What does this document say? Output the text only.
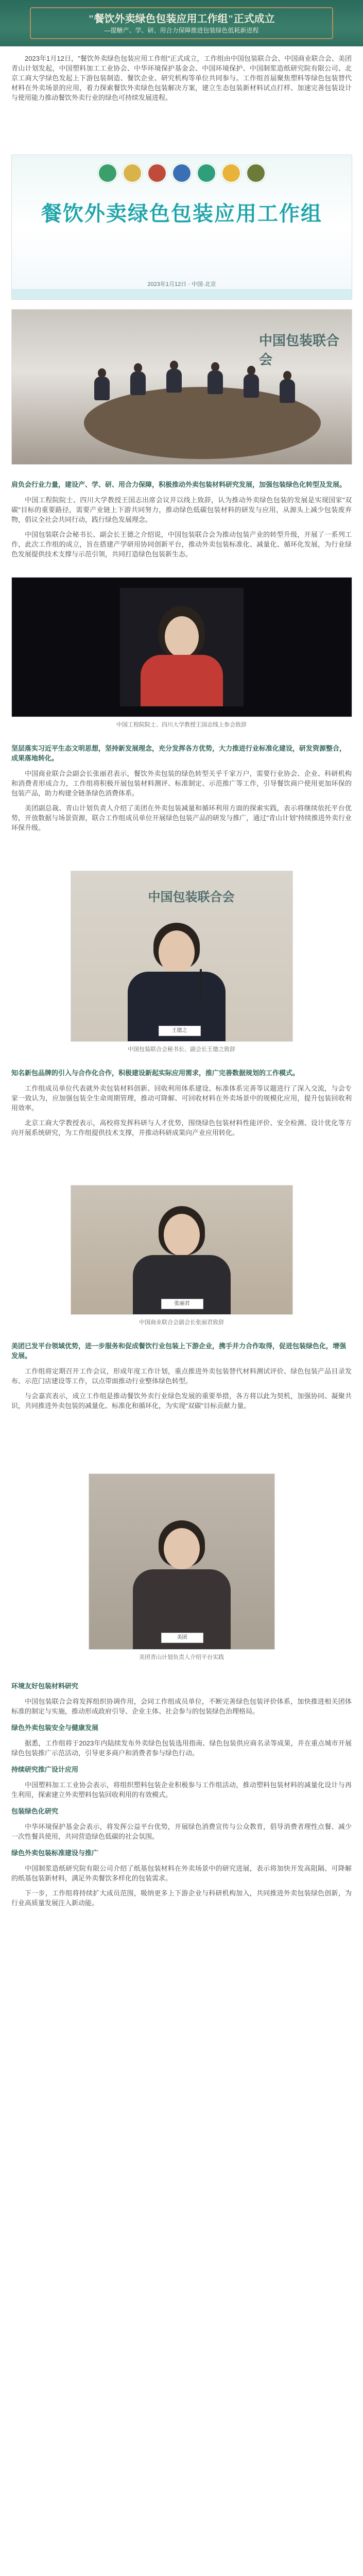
"餐饮外卖绿色包装应用工作组"正式成立
—提糖产、学、研、用合力保障推进包装绿色低耗新进程

2023年1月12日，"餐饮外卖绿色包装应用工作组"正式成立，工作组由中国包装联合会、中国商业联合会、美团青山计划发起，中国塑料加工工业协会、中华环境保护基金会、中国环境保护、中国制浆造纸研究院有限公司、北京工商大学绿色发起上下游包装制造、餐饮企业、研究机构等单位共同参与。工作组首届聚焦塑料等绿色包装替代材料在外卖场景的应用，着力探索餐饮外卖绿色包装解决方案，建立生态包装新材料试点打样、加速完善包装设计与使用能力推动餐饮外卖行业的绿色可持续发展进程。

餐饮外卖绿色包装应用工作组
2023年1月12日 · 中国·北京
中国包装联合会
肩负会行业力量，建设产、学、研、用合力保障，积极推动外卖包装材料研究发展，加强包装绿色化转型及发展。

中国工程院院士、四川大学教授王国志出席会议并以线上致辞，认为推动外卖绿色包装的发展是实现国家"双碳"目标的重要路径，需要产业链上下游共同努力，推动绿色低碳包装材料的研发与应用，从源头上减少包装废弃物，倡议全社会共同行动，践行绿色发展理念。

中国包装联合会秘书长、副会长王德之介绍说，中国包装联合会为推动包装产业的转型升级，开展了一系列工作，此次工作组的成立，旨在搭建产学研用协同创新平台，推动外卖包装标准化、减量化、循环化发展，为行业绿色发展提供技术支撑与示范引领，共同打造绿色包装新生态。

中国工程院院士、四川大学教授王国志线上参会致辞
坚层落实习近平生态文明思想，坚持新发展理念，充分发挥各方优势，大力推进行业标准化建设，研发资源整合，成果落地转化。

中国商业联合会副会长张丽君表示，餐饮外卖包装的绿色转型关乎千家万户，需要行业协会、企业、科研机构和消费者形成合力，工作组将积极开展包装材料测评、标准制定、示范推广等工作，引导餐饮商户使用更加环保的包装产品，助力构建全链条绿色消费体系。

美团副总裁、青山计划负责人介绍了美团在外卖包装减量和循环利用方面的探索实践，表示将继续依托平台优势，开放数据与场景资源，联合工作组成员单位开展绿色包装产品的研发与推广，通过"青山计划"持续推进外卖行业环保升级。

中国包装联合会
王德之
中国包装联合会秘书长、副会长王德之致辞
知名新包品牌的引入与合作化合作，积极建设新起实际应用需求，推广完善数据规划的工作模式。

工作组成员单位代表就外卖包装材料创新、回收利用体系建设、标准体系完善等议题进行了深入交流，与会专家一致认为，应加强包装全生命周期管理，推动可降解、可回收材料在外卖场景中的规模化应用，提升包装回收利用效率。

北京工商大学教授表示，高校将发挥科研与人才优势，围绕绿色包装材料性能评价、安全检测、设计优化等方向开展系统研究，为工作组提供技术支撑，并推动科研成果向产业应用转化。

张丽君
中国商业联合会副会长张丽君致辞
美团已发平台领域优势，进一步服务和促成餐饮行业包装上下游企业，携手并力合作取得，促进包装绿色化，增强发展。

工作组将定期召开工作会议，形成年度工作计划，重点推进外卖包装替代材料测试评价、绿色包装产品目录发布、示范门店建设等工作，以点带面推动行业整体绿色转型。

与会嘉宾表示，成立工作组是推动餐饮外卖行业绿色发展的重要举措，各方将以此为契机，加强协同、凝聚共识，共同推进外卖包装的减量化、标准化和循环化，为实现"双碳"目标贡献力量。

美团
美团青山计划负责人介绍平台实践
环境友好包装材料研究

中国包装联合会将发挥组织协调作用，会同工作组成员单位，不断完善绿色包装评价体系，加快推进相关团体标准的制定与实施，推动形成政府引导、企业主体、社会参与的包装绿色治理格局。

绿色外卖包装安全与健康发展

据悉，工作组将于2023年内陆续发布外卖绿色包装选用指南、绿色包装供应商名录等成果，并在重点城市开展绿色包装推广示范活动，引导更多商户和消费者参与绿色行动。

持续研究推广设计应用

中国塑料加工工业协会表示，将组织塑料包装企业积极参与工作组活动，推动塑料包装材料的减量化设计与再生利用，探索建立外卖塑料包装回收利用的有效模式。

包装绿色化研究

中华环境保护基金会表示，将发挥公益平台优势，开展绿色消费宣传与公众教育，倡导消费者理性点餐、减少一次性餐具使用，共同营造绿色低碳的社会氛围。

绿色外卖包装标准建设与推广

中国制浆造纸研究院有限公司介绍了纸基包装材料在外卖场景中的研究进展，表示将加快开发高阻隔、可降解的纸基包装新材料，满足外卖餐饮多样化的包装需求。

下一步，工作组将持续扩大成员范围，吸纳更多上下游企业与科研机构加入，共同推进外卖包装绿色创新，为行业高质量发展注入新动能。
